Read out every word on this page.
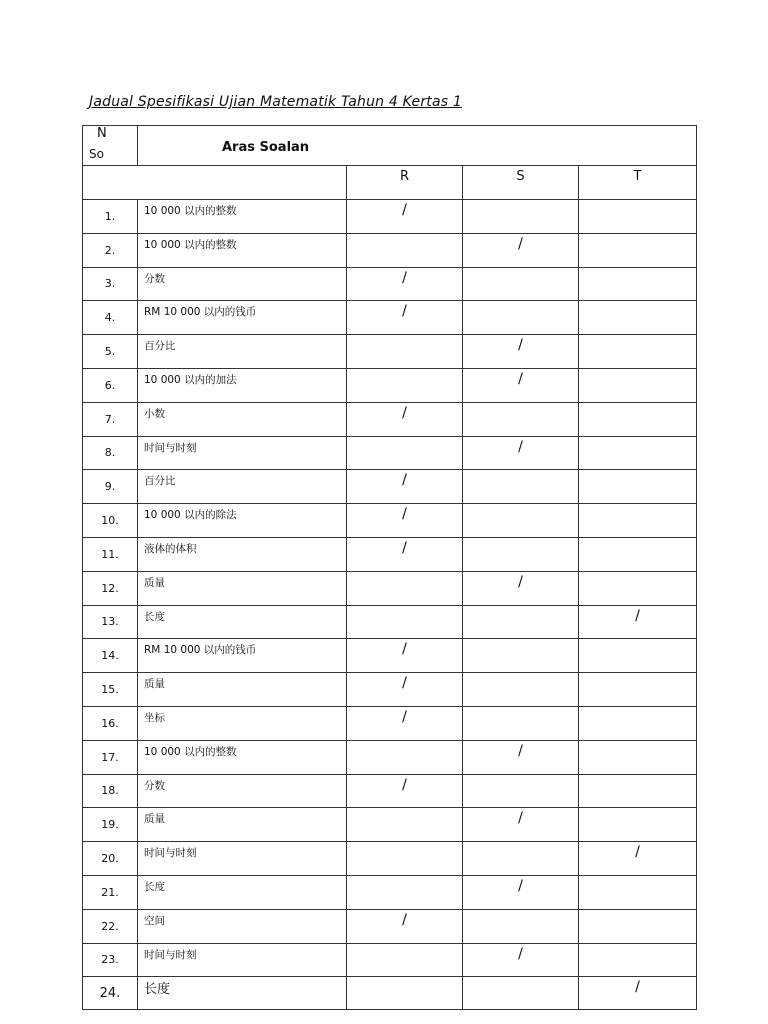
Jadual Spesifikasi Ujian Matematik Tahun 4 Kertas 1
N
So	Aras Soalan			

		R	S	T
1.	10 000 以内的整数	/		
2.	10 000 以内的整数		/	
3.	分数	/		
4.	RM 10 000 以内的钱币	/		
5.	百分比		/	
6.	10 000 以内的加法		/	
7.	小数	/		
8.	时间与时刻		/	
9.	百分比	/		
10.	10 000 以内的除法	/		
11.	液体的体积	/		
12.	质量		/	
13.	长度			/
14.	RM 10 000 以内的钱币	/		
15.	质量	/		
16.	坐标	/		
17.	10 000 以内的整数		/	
18.	分数	/		
19.	质量		/	
20.	时间与时刻			/
21.	长度		/	
22.	空间	/		
23.	时间与时刻		/	
24.	长度			/
